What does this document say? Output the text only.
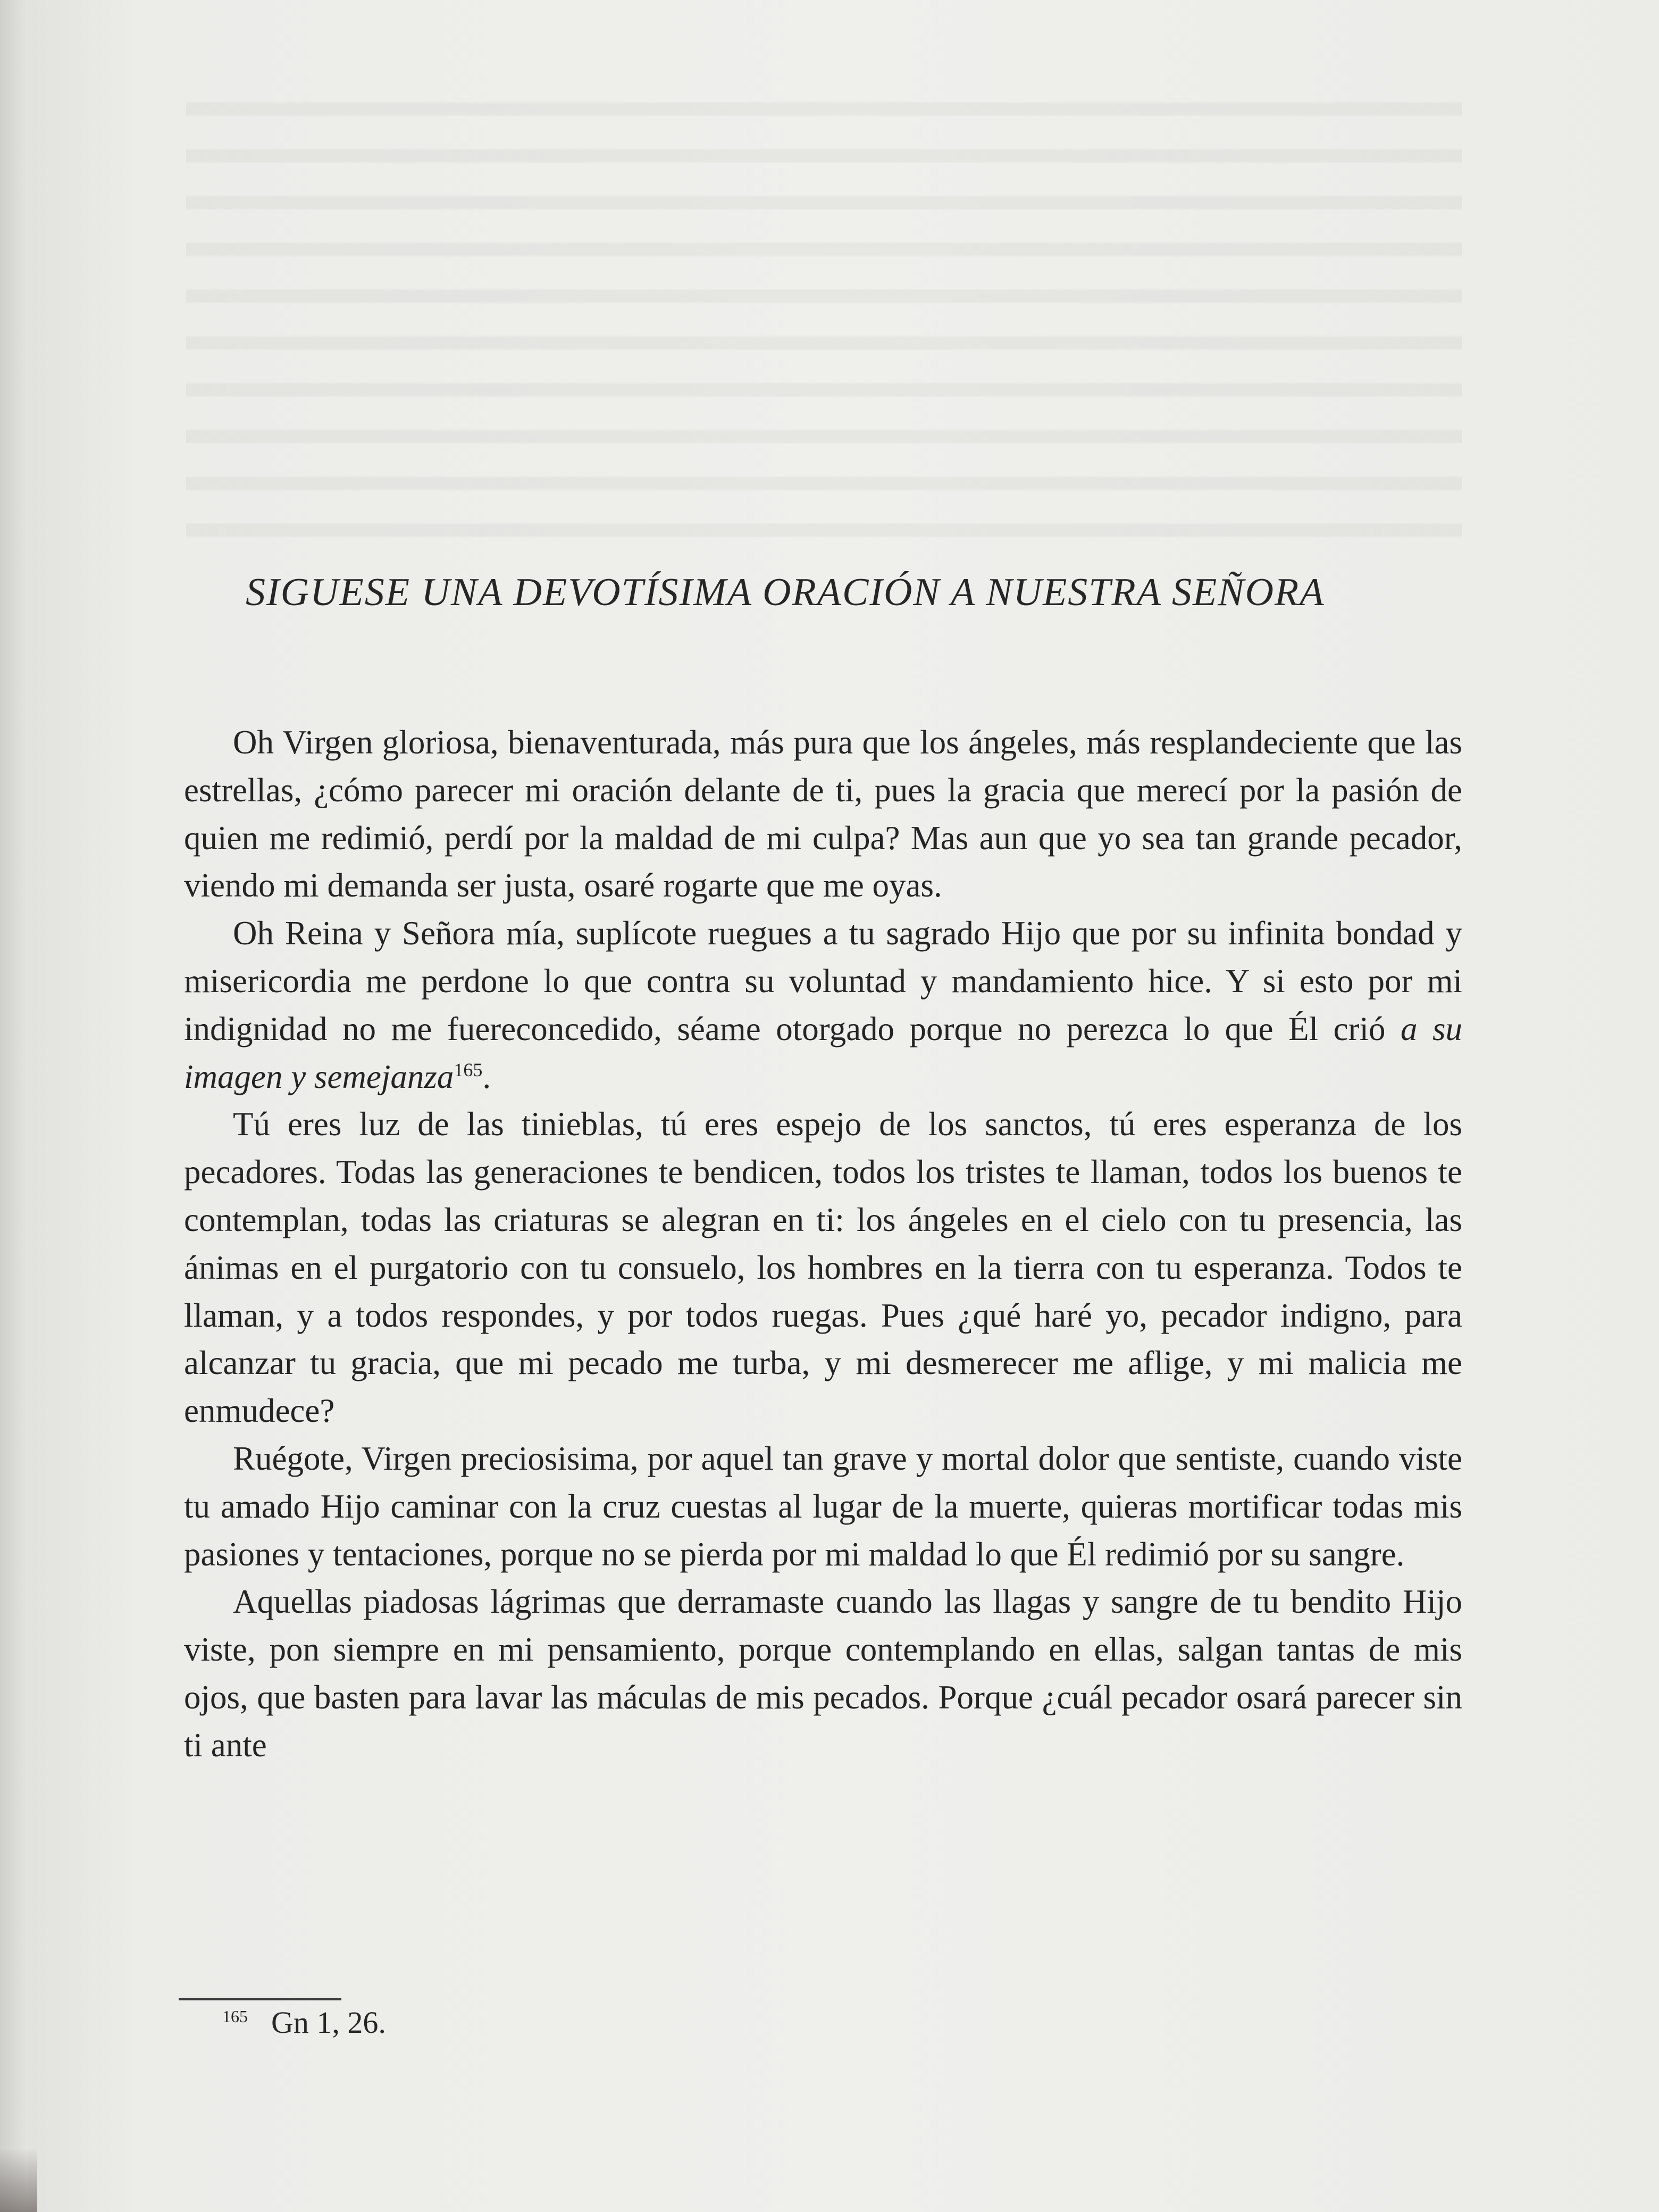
SIGUESE UNA DEVOTÍSIMA ORACIÓN A NUESTRA SEÑORA

Oh Virgen gloriosa, bienaventurada, más pura que los ángeles, más resplandeciente que las estrellas, ¿cómo parecer mi oración delante de ti, pues la gracia que merecí por la pasión de quien me redimió, perdí por la maldad de mi culpa? Mas aun que yo sea tan grande pecador, viendo mi demanda ser justa, osaré rogarte que me oyas.

Oh Reina y Señora mía, suplícote ruegues a tu sagrado Hijo que por su infinita bondad y misericordia me perdone lo que contra su voluntad y mandamiento hice. Y si esto por mi indignidad no me fuereconcedido, séame otorgado porque no perezca lo que Él crió a su imagen y semejanza$^{165}$.

Tú eres luz de las tinieblas, tú eres espejo de los sanctos, tú eres esperanza de los pecadores. Todas las generaciones te bendicen, todos los tristes te llaman, todos los buenos te contemplan, todas las criaturas se alegran en ti: los ángeles en el cielo con tu presencia, las ánimas en el purgatorio con tu consuelo, los hombres en la tierra con tu esperanza. Todos te llaman, y a todos respondes, y por todos ruegas. Pues ¿qué haré yo, pecador indigno, para alcanzar tu gracia, que mi pecado me turba, y mi desmerecer me aflige, y mi malicia me enmudece?

Ruégote, Virgen preciosisima, por aquel tan grave y mortal dolor que sentiste, cuando viste tu amado Hijo caminar con la cruz cuestas al lugar de la muerte, quieras mortificar todas mis pasiones y tentaciones, porque no se pierda por mi maldad lo que Él redimió por su sangre.

Aquellas piadosas lágrimas que derramaste cuando las llagas y sangre de tu bendito Hijo viste, pon siempre en mi pensamiento, porque contemplando en ellas, salgan tantas de mis ojos, que basten para lavar las máculas de mis pecados. Porque ¿cuál pecador osará parecer sin ti ante

$^{165}$ Gn 1, 26.
